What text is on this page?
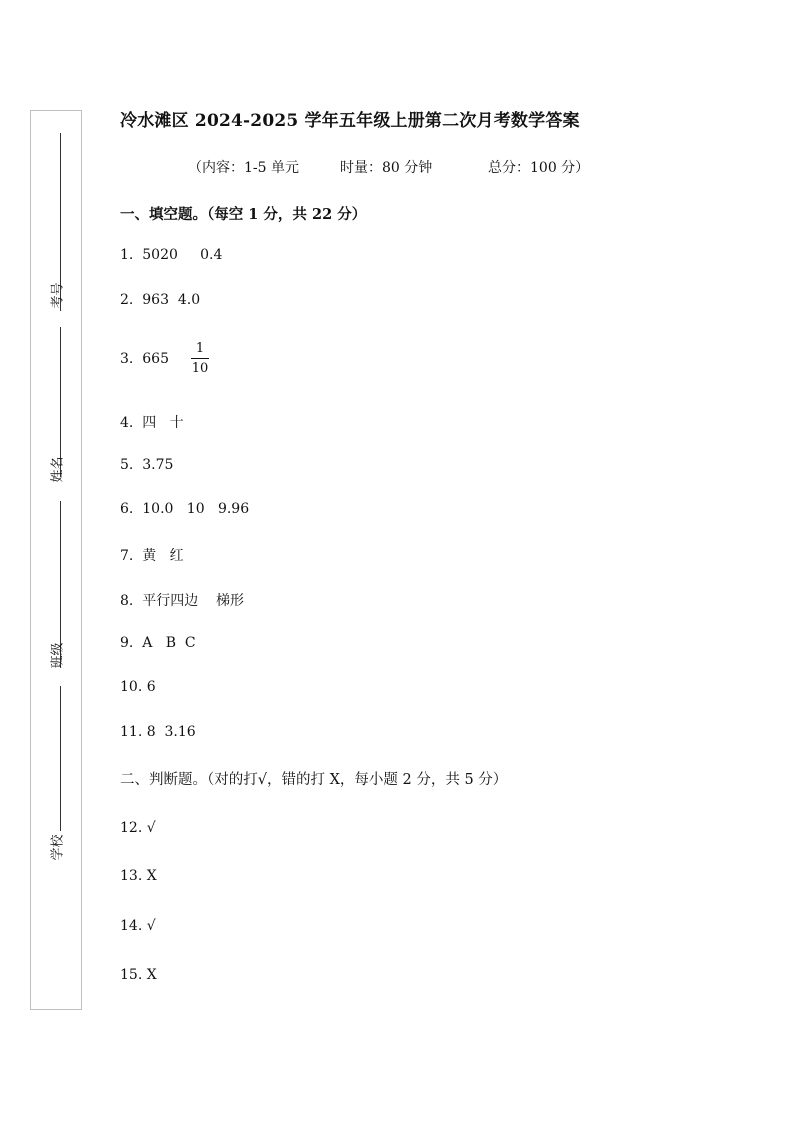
考号
姓名
班级
学校
冷水滩区 2024-2025 学年五年级上册第二次月考数学答案
（内容：1-5 单元	时量：80 分钟	总分：100 分）
一、填空题。（每空 1 分，共 22 分）
1.  5020     0.4
2.  963  4.0
3.  $665 \frac{1}{10}$
4.  四   十
5.  3.75
6.  10.0   10   9.96
7.  黄   红
8.  平行四边    梯形
9.  A   B  C
10. 6
11. 8  3.16
二、判断题。（对的打√，错的打 X，每小题 2 分，共 5 分）
12. √
13. X
14. √
15. X
